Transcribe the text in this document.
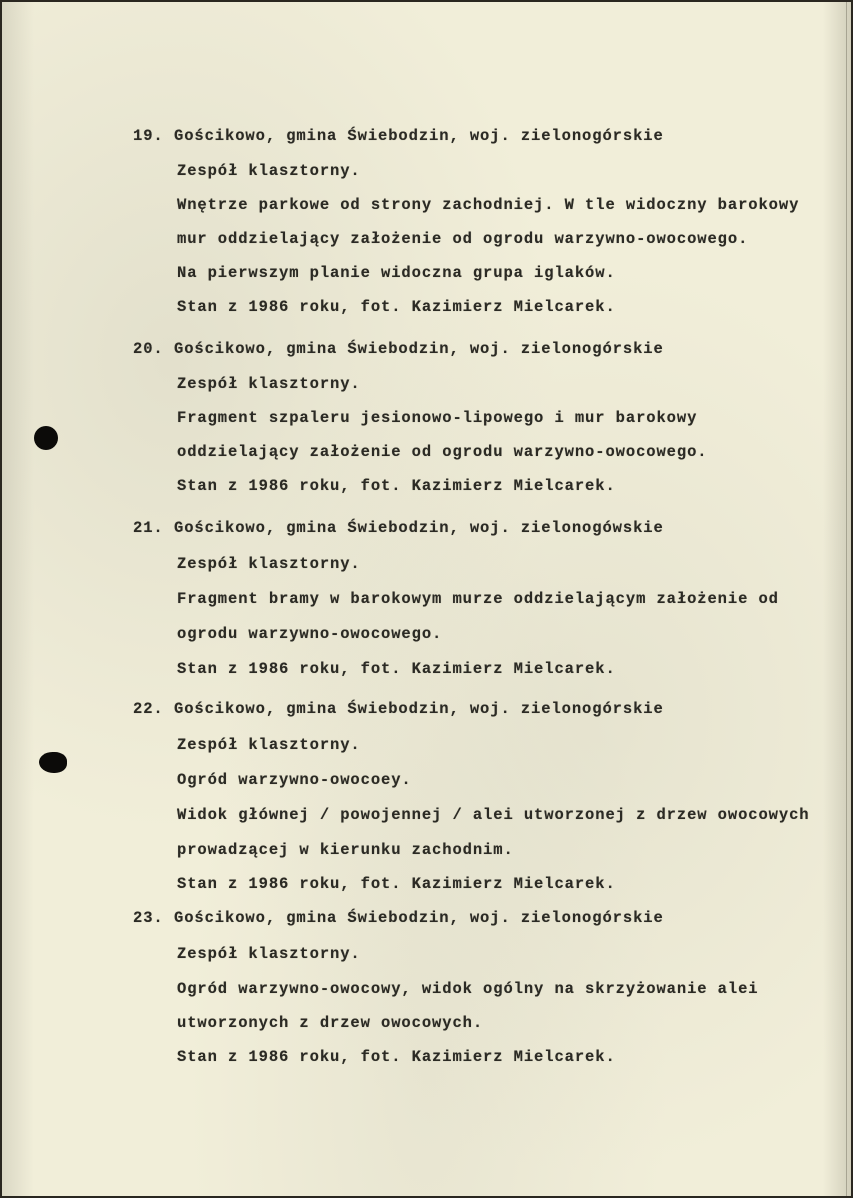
19. Gościkowo, gmina Świebodzin, woj. zielonogórskie
Zespół klasztorny.
Wnętrze parkowe od strony zachodniej. W tle widoczny barokowy
mur oddzielający założenie od ogrodu warzywno-owocowego.
Na pierwszym planie widoczna grupa iglaków.
Stan z 1986 roku, fot. Kazimierz Mielcarek.
20. Gościkowo, gmina Świebodzin, woj. zielonogórskie
Zespół klasztorny.
Fragment szpaleru jesionowo-lipowego i mur barokowy
oddzielający założenie od ogrodu warzywno-owocowego.
Stan z 1986 roku, fot. Kazimierz Mielcarek.
21. Gościkowo, gmina Świebodzin, woj. zielonogówskie
Zespół klasztorny.
Fragment bramy w barokowym murze oddzielającym założenie od
ogrodu warzywno-owocowego.
Stan z 1986 roku, fot. Kazimierz Mielcarek.
22. Gościkowo, gmina Świebodzin, woj. zielonogórskie
Zespół klasztorny.
Ogród warzywno-owocoey.
Widok głównej / powojennej / alei utworzonej z drzew owocowych
prowadzącej w kierunku zachodnim.
Stan z 1986 roku, fot. Kazimierz Mielcarek.
23. Gościkowo, gmina Świebodzin, woj. zielonogórskie
Zespół klasztorny.
Ogród warzywno-owocowy, widok ogólny na skrzyżowanie alei
utworzonych z drzew owocowych.
Stan z 1986 roku, fot. Kazimierz Mielcarek.
